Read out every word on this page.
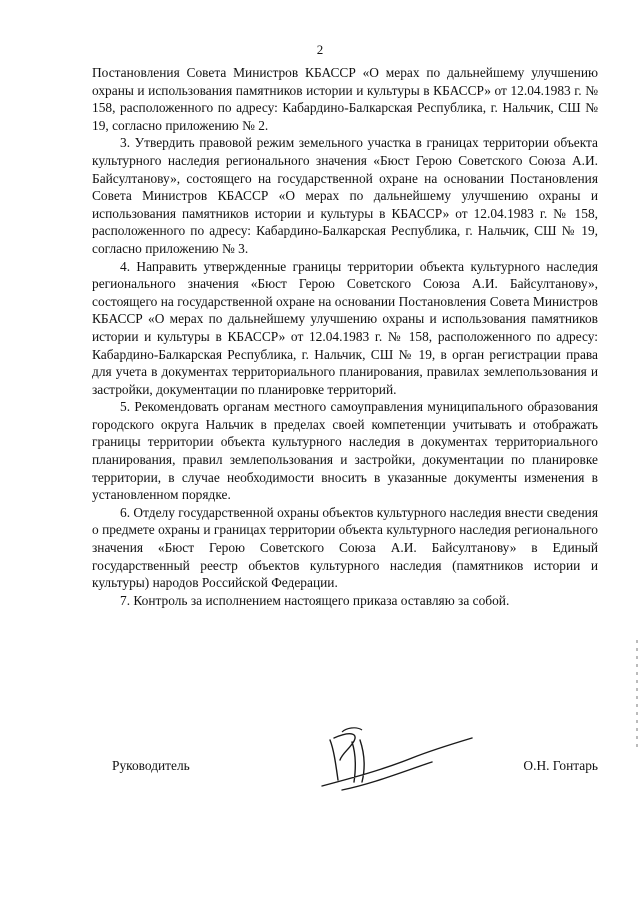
2

Постановления Совета Министров КБАССР «О мерах по дальнейшему улучшению охраны и использования памятников истории и культуры в КБАССР» от 12.04.1983 г. № 158, расположенного по адресу: Кабардино-Балкарская Республика, г. Нальчик, СШ № 19, согласно приложению № 2.

3. Утвердить правовой режим земельного участка в границах территории объекта культурного наследия регионального значения «Бюст Герою Советского Союза А.И. Байсултанову», состоящего на государственной охране на основании Постановления Совета Министров КБАССР «О мерах по дальнейшему улучшению охраны и использования памятников истории и культуры в КБАССР» от 12.04.1983 г. № 158, расположенного по адресу: Кабардино-Балкарская Республика, г. Нальчик, СШ № 19, согласно приложению № 3.

4. Направить утвержденные границы территории объекта культурного наследия регионального значения «Бюст Герою Советского Союза А.И. Байсултанову», состоящего на государственной охране на основании Постановления Совета Министров КБАССР «О мерах по дальнейшему улучшению охраны и использования памятников истории и культуры в КБАССР» от 12.04.1983 г. № 158, расположенного по адресу: Кабардино-Балкарская Республика, г. Нальчик, СШ № 19, в орган регистрации права для учета в документах территориального планирования, правилах землепользования и застройки, документации по планировке территорий.

5. Рекомендовать органам местного самоуправления муниципального образования городского округа Нальчик в пределах своей компетенции учитывать и отображать границы территории объекта культурного наследия в документах территориального планирования, правил землепользования и застройки, документации по планировке территории, в случае необходимости вносить в указанные документы изменения в установленном порядке.

6. Отделу государственной охраны объектов культурного наследия внести сведения о предмете охраны и границах территории объекта культурного наследия регионального значения «Бюст Герою Советского Союза А.И. Байсултанову» в Единый государственный реестр объектов культурного наследия (памятников истории и культуры) народов Российской Федерации.

7. Контроль за исполнением настоящего приказа оставляю за собой.

Руководитель	О.Н. Гонтарь
